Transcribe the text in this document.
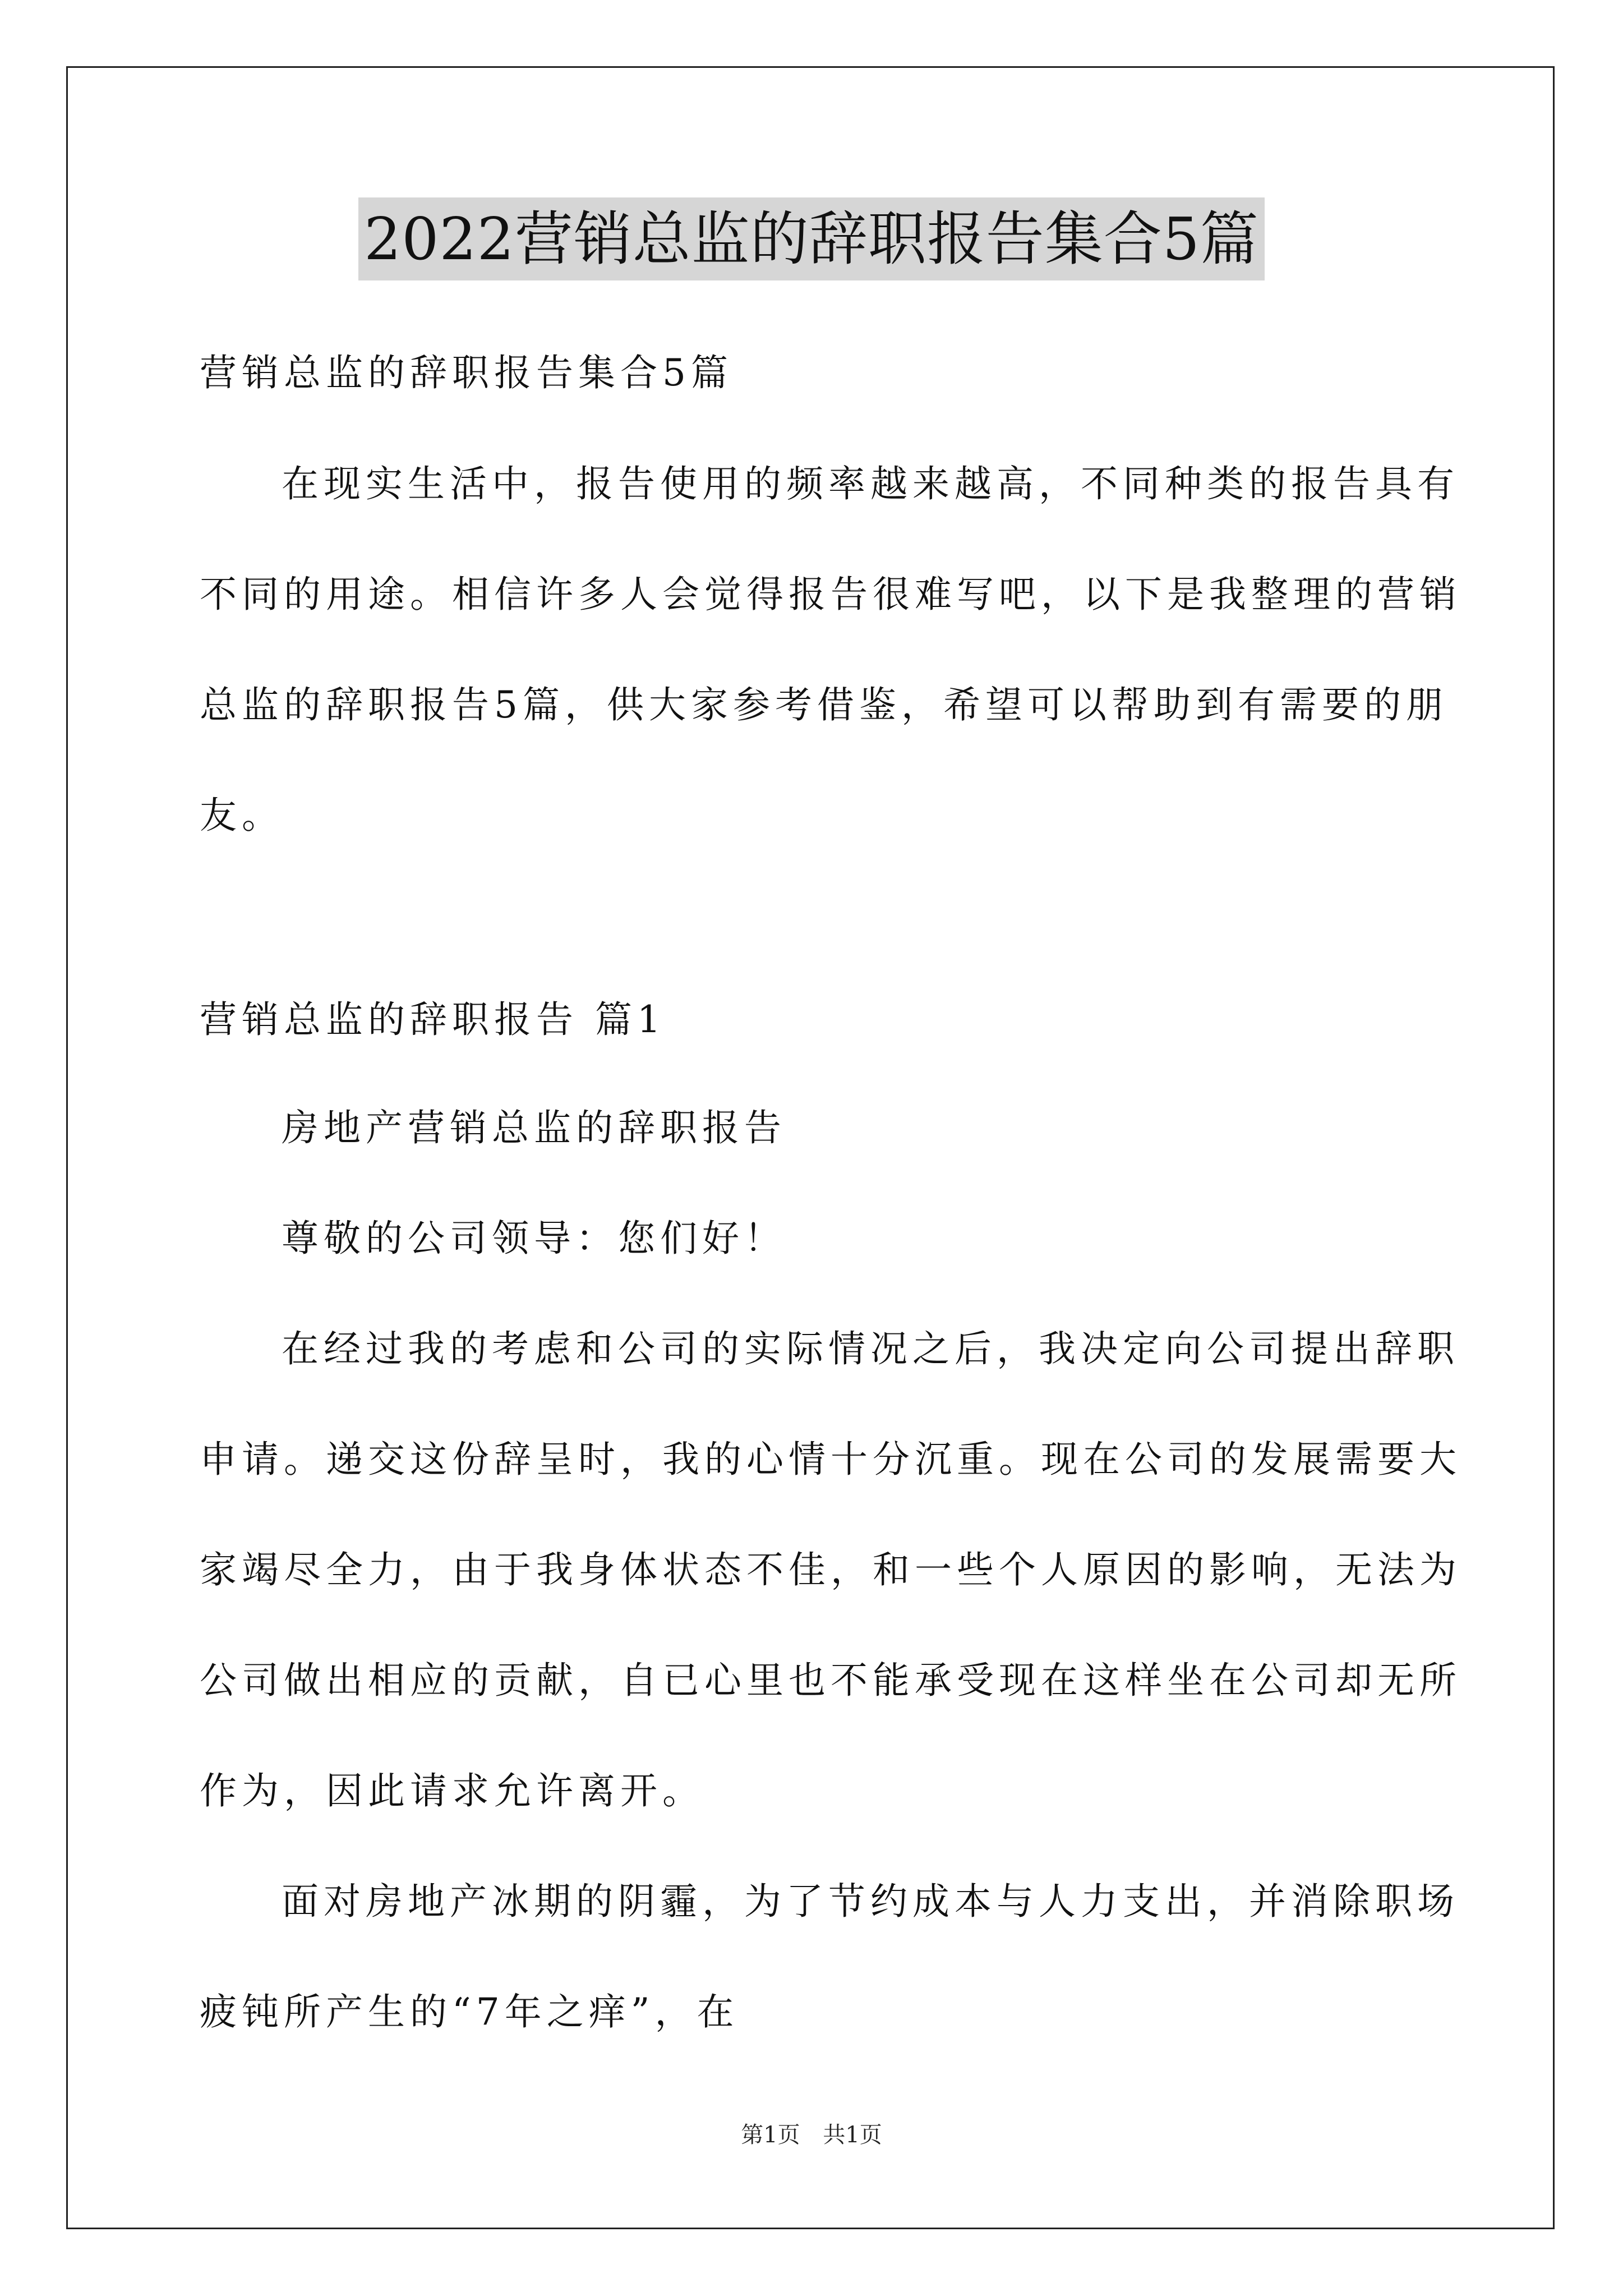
2022营销总监的辞职报告集合5篇
营销总监的辞职报告集合5篇
在现实生活中，报告使用的频率越来越高，不同种类的报告具有
不同的用途。相信许多人会觉得报告很难写吧，以下是我整理的营销
总监的辞职报告5篇，供大家参考借鉴，希望可以帮助到有需要的朋
友。
营销总监的辞职报告 篇1
房地产营销总监的辞职报告
尊敬的公司领导：您们好！
在经过我的考虑和公司的实际情况之后，我决定向公司提出辞职
申请。递交这份辞呈时，我的心情十分沉重。现在公司的发展需要大
家竭尽全力，由于我身体状态不佳，和一些个人原因的影响，无法为
公司做出相应的贡献，自已心里也不能承受现在这样坐在公司却无所
作为，因此请求允许离开。
面对房地产冰期的阴霾，为了节约成本与人力支出，并消除职场
疲钝所产生的“7年之痒”，在
第1页 共1页
